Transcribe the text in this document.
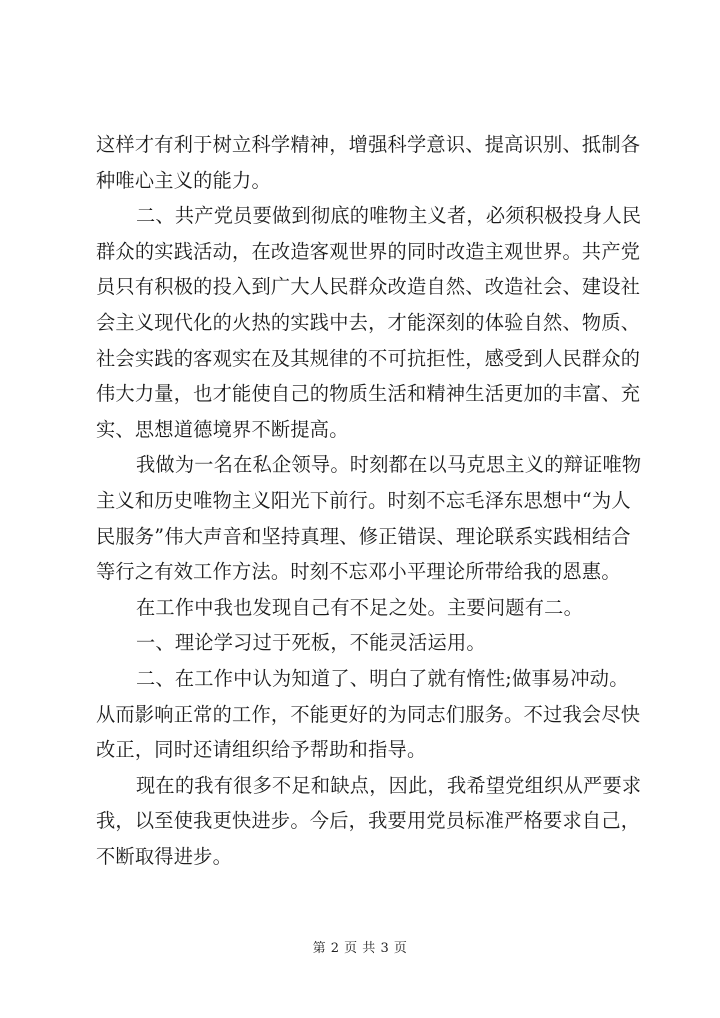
这样才有利于树立科学精神，增强科学意识、提高识别、抵制各
种唯心主义的能力。

二、共产党员要做到彻底的唯物主义者，必须积极投身人民
群众的实践活动，在改造客观世界的同时改造主观世界。共产党
员只有积极的投入到广大人民群众改造自然、改造社会、建设社
会主义现代化的火热的实践中去，才能深刻的体验自然、物质、
社会实践的客观实在及其规律的不可抗拒性，感受到人民群众的
伟大力量，也才能使自己的物质生活和精神生活更加的丰富、充
实、思想道德境界不断提高。

我做为一名在私企领导。时刻都在以马克思主义的辩证唯物
主义和历史唯物主义阳光下前行。时刻不忘毛泽东思想中“为人
民服务”伟大声音和坚持真理、修正错误、理论联系实践相结合
等行之有效工作方法。时刻不忘邓小平理论所带给我的恩惠。

在工作中我也发现自己有不足之处。主要问题有二。

一、理论学习过于死板，不能灵活运用。

二、在工作中认为知道了、明白了就有惰性;做事易冲动。
从而影响正常的工作，不能更好的为同志们服务。不过我会尽快
改正，同时还请组织给予帮助和指导。

现在的我有很多不足和缺点，因此，我希望党组织从严要求
我，以至使我更快进步。今后，我要用党员标准严格要求自己，
不断取得进步。

第 2 页 共 3 页
